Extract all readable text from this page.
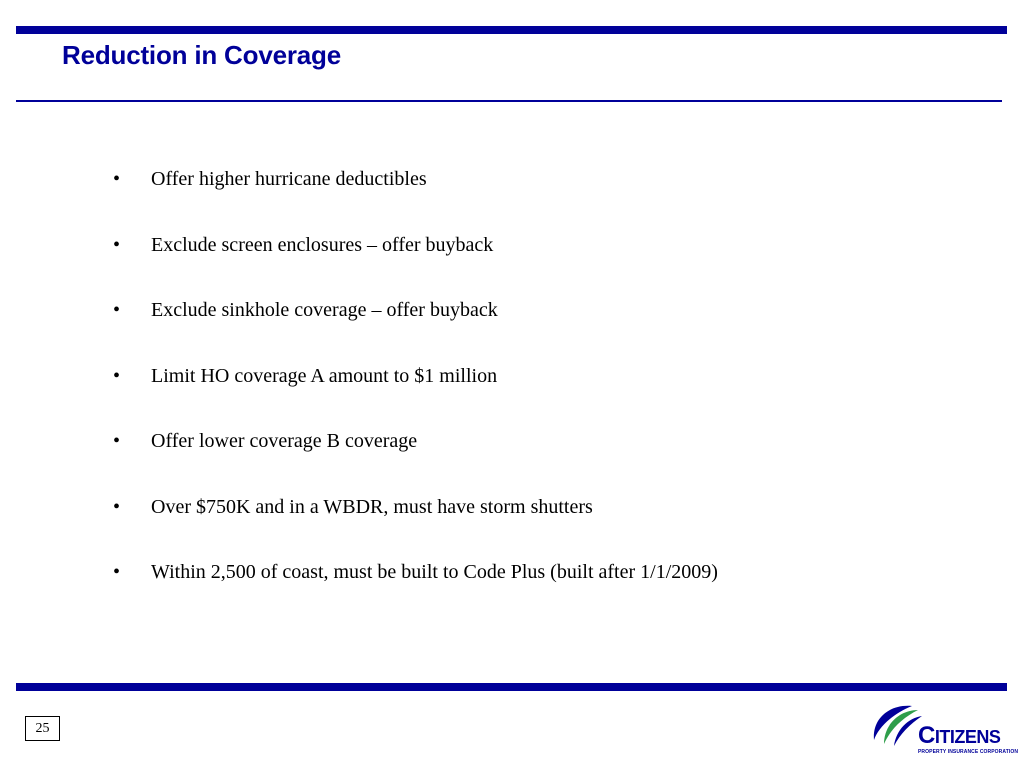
Reduction in Coverage
•	Offer higher hurricane deductibles
•	Exclude screen enclosures – offer buyback
•	Exclude sinkhole coverage – offer buyback
•	Limit HO coverage A amount to $1 million
•	Offer lower coverage B coverage
•	Over $750K and in a WBDR, must have storm shutters
•	Within 2,500 of coast, must be built to Code Plus (built after 1/1/2009)
25	CITIZENS
PROPERTY INSURANCE CORPORATION
